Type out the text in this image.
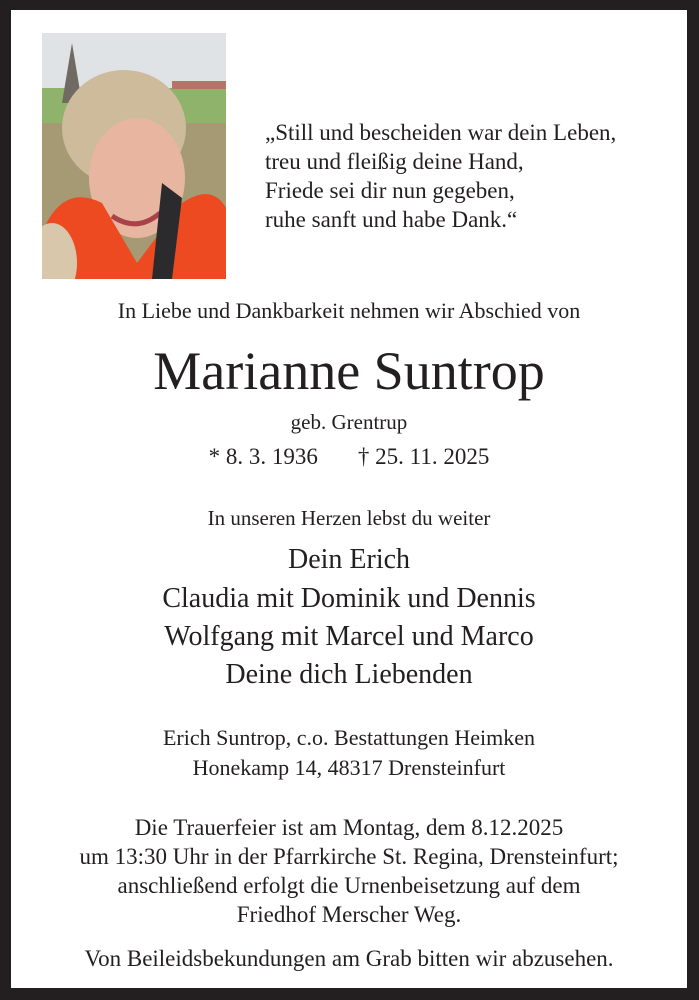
„Still und bescheiden war dein Leben,
treu und fleißig deine Hand,
Friede sei dir nun gegeben,
ruhe sanft und habe Dank.“
In Liebe und Dankbarkeit nehmen wir Abschied von
Marianne Suntrop
geb. Grentrup
* 8. 3. 1936 † 25. 11. 2025
In unseren Herzen lebst du weiter
Dein Erich
Claudia mit Dominik und Dennis
Wolfgang mit Marcel und Marco
Deine dich Liebenden
Erich Suntrop, c.o. Bestattungen Heimken
Honekamp 14, 48317 Drensteinfurt
Die Trauerfeier ist am Montag, dem 8.12.2025
um 13:30 Uhr in der Pfarrkirche St. Regina, Drensteinfurt;
anschließend erfolgt die Urnenbeisetzung auf dem
Friedhof Merscher Weg.
Von Beileidsbekundungen am Grab bitten wir abzusehen.
